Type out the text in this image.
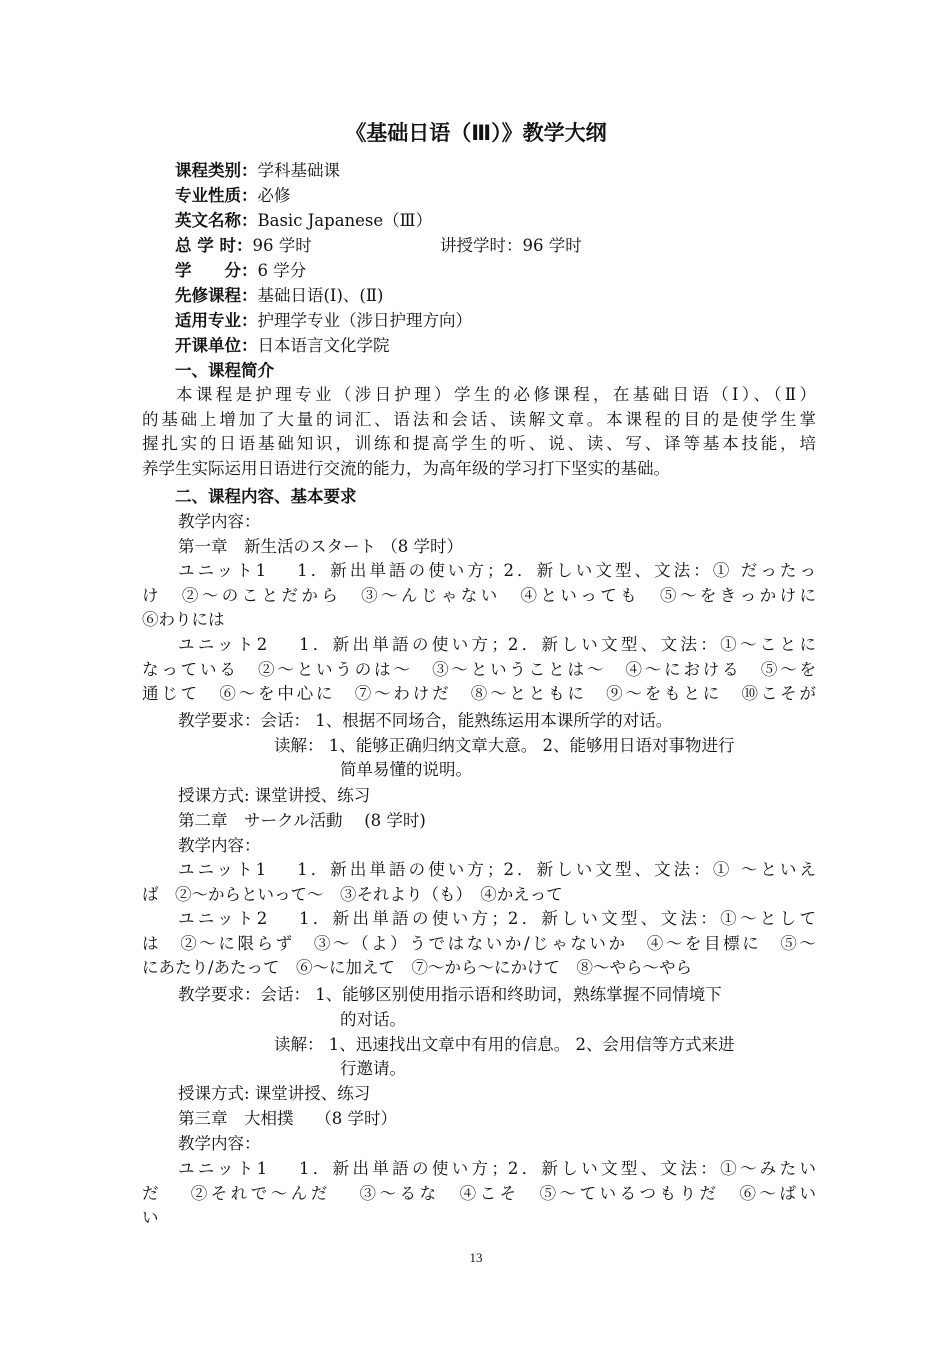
《基础日语（Ⅲ）》教学大纲
课程类别：学科基础课
专业性质：必修
英文名称：Basic Japanese（Ⅲ）
总 学 时：96 学时	讲授学时：96 学时
学　　分：6 学分
先修课程：基础日语(Ⅰ)、(Ⅱ)
适用专业：护理学专业（涉日护理方向）
开课单位：日本语言文化学院
一、课程简介
本课程是护理专业（涉日护理）学生的必修课程，在基础日语（Ⅰ）、（Ⅱ）
的基础上增加了大量的词汇、语法和会话、读解文章。本课程的目的是使学生掌
握扎实的日语基础知识，训练和提高学生的听、说、读、写、译等基本技能，培
养学生实际运用日语进行交流的能力，为高年级的学习打下坚实的基础。
二、课程内容、基本要求
教学内容：
第一章　新生活のスタート （8 学时）
ユニット1　 1．新出単語の使い方；2．新しい文型、文法：① だったっ
け　②～のことだから　③～んじゃない　④といっても　⑤～をきっかけに
⑥わりには
ユニット2　 1．新出単語の使い方；2．新しい文型、文法：①～ことに
なっている　②～というのは～　③～ということは～　④～における　⑤～を
通じて　⑥～を中心に　⑦～わけだ　⑧～とともに　⑨～をもとに　⑩こそが
教学要求：会话： 1、根据不同场合，能熟练运用本课所学的对话。
读解： 1、能够正确归纳文章大意。 2、能够用日语对事物进行
简单易懂的说明。
授课方式: 课堂讲授、练习
第二章　サークル活動　 (8 学时)
教学内容：
ユニット1　 1．新出単語の使い方；2．新しい文型、文法：① ～といえ
ば　②～からといって～　③それより（も）　④かえって
ユニット2　 1．新出単語の使い方；2．新しい文型、文法：①～として
は　②～に限らず　③～（よ）うではないか/じゃないか　④～を目標に　⑤～
にあたり/あたって　⑥～に加えて　⑦～から～にかけて　⑧～やら～やら
教学要求：会话： 1、能够区别使用指示语和终助词，熟练掌握不同情境下
的对话。
读解： 1、迅速找出文章中有用的信息。 2、会用信等方式来进
行邀请。
授课方式: 课堂讲授、练习
第三章　大相撲　 （8 学时）
教学内容：
ユニット1　 1．新出単語の使い方；2．新しい文型、文法：①～みたい
だ　 ②それで～んだ　 ③～るな　④こそ　⑤～ているつもりだ　⑥～ばい
い
13
